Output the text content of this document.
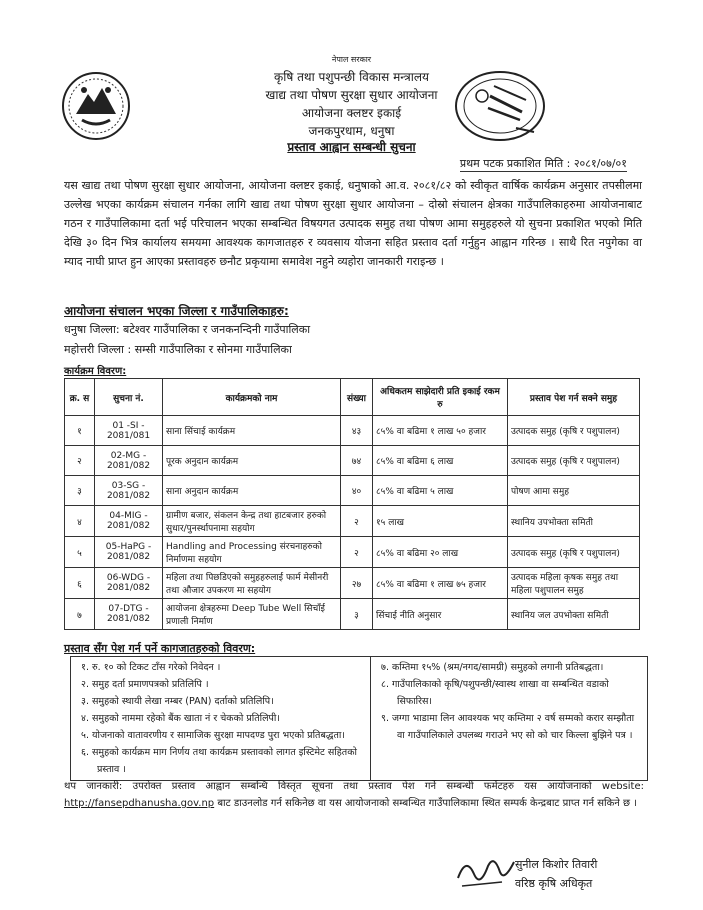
नेपाल सरकार
कृषि तथा पशुपन्छी विकास मन्त्रालय
खाद्य तथा पोषण सुरक्षा सुधार आयोजना
आयोजना क्लष्टर इकाई
जनकपुरधाम, धनुषा
प्रस्ताव आह्वान सम्बन्धी सुचना
प्रथम पटक प्रकाशित मिति : २०८१/०७/०१
यस खाद्य तथा पोषण सुरक्षा सुधार आयोजना, आयोजना क्लष्टर इकाई, धनुषाको आ.व. २०८१/८२ को स्वीकृत वार्षिक कार्यक्रम अनुसार तपसीलमा उल्लेख भएका कार्यक्रम संचालन गर्नका लागि खाद्य तथा पोषण सुरक्षा सुधार आयोजना – दोस्रो संचालन क्षेत्रका गाउँपालिकाहरुमा आयोजनाबाट गठन र गाउँपालिकामा दर्ता भई परिचालन भएका सम्बन्धित विषयगत उत्पादक समुह तथा पोषण आमा समुहहरुले यो सुचना प्रकाशित भएको मिति देखि ३० दिन भित्र कार्यालय समयमा आवश्यक कागजातहरु र व्यवसाय योजना सहित प्रस्ताव दर्ता गर्नुहुन आह्वान गरिन्छ । साथै रित नपुगेका वा म्याद नाघी प्राप्त हुन आएका प्रस्तावहरु छनौट प्रकृयामा समावेश नहुने व्यहोरा जानकारी गराइन्छ ।
आयोजना संचालन भएका जिल्ला र गाउँपालिकाहरु:
धनुषा जिल्ला: बटेश्वर गाउँपालिका र जनकनन्दिनी गाउँपालिका
महोत्तरी जिल्ला : सम्सी गाउँपालिका र सोनमा गाउँपालिका
कार्यक्रम विवरण:
क्र. स	सुचना नं.	कार्यक्रमको नाम	संख्या	अधिकतम साझेदारी प्रति इकाई रकम रु	प्रस्ताव पेश गर्न सक्ने समुह
१	01 -SI - 2081/081	साना सिंचाई कार्यक्रम	४३	८५% वा बढिमा १ लाख ५० हजार	उत्पादक समुह (कृषि र पशुपालन)
२	02-MG - 2081/082	पूरक अनुदान कार्यक्रम	७४	८५% वा बढिमा ६ लाख	उत्पादक समुह (कृषि र पशुपालन)
३	03-SG - 2081/082	साना अनुदान कार्यक्रम	४०	८५% वा बढिमा ५ लाख	पोषण आमा समुह
४	04-MIG - 2081/082	ग्रामीण बजार, संकलन केन्द्र तथा हाटबजार हरुको सुधार/पुनर्स्थापनामा सहयोग	२	१५ लाख	स्थानिय उपभोक्ता समिती
५	05-HaPG - 2081/082	Handling and Processing संरचनाहरुको निर्माणमा सहयोग	२	८५% वा बढिमा २० लाख	उत्पादक समुह (कृषि र पशुपालन)
६	06-WDG - 2081/082	महिला तथा पिछडिएको समुहहरुलाई फार्म मेसीनरी तथा औजार उपकरण मा सहयोग	२७	८५% वा बढिमा १ लाख ७५ हजार	उत्पादक महिला कृषक समुह तथा महिला पशुपालन समुह
७	07-DTG - 2081/082	आयोजना क्षेत्रहरुमा Deep Tube Well सिचाँई प्रणाली निर्माण	३	सिंचाई नीति अनुसार	स्थानिय जल उपभोक्ता समिती
प्रस्ताव सँग पेश गर्न पर्ने कागजातहरुको विवरण:
१. रु. १० को टिकट टाँस गरेको निवेदन ।
२. समुह दर्ता प्रमाणपत्रको प्रतिलिपि ।
३. समुहको स्थायी लेखा नम्बर (PAN) दर्ताको प्रतिलिपि।
४. समुहको नाममा रहेको बैंक खाता नं र चेकको प्रतिलिपी।
५. योजनाको वातावरणीय र सामाजिक सुरक्षा मापदण्ड पुरा भएको प्रतिबद्धता।
६. समुहको कार्यक्रम माग निर्णय तथा कार्यक्रम प्रस्तावको लागत इस्टिमेट सहितको प्रस्ताव ।

७. कम्तिमा १५% (श्रम/नगद/सामग्री) समुहको लगानी प्रतिबद्धता।
८. गाउँपालिकाको कृषि/पशुपन्छी/स्वास्थ शाखा वा सम्बन्धित वडाको सिफारिस।
९. जग्गा भाडामा लिन आवश्यक भए कम्तिमा २ वर्ष सम्मको करार सम्झौता वा गाउँपालिकाले उपलब्ध गराउने भए सो को चार किल्ला बुझिने पत्र ।
थप जानकारी: उपरोक्त प्रस्ताव आह्वान सम्बन्धि विस्तृत सूचना तथा प्रस्ताव पेश गर्ने सम्बन्धी फर्मेटहरु यस आयोजनाको website: http://fansepdhanusha.gov.np बाट डाउनलोड गर्न सकिनेछ वा यस आयोजनाको सम्बन्धित गाउँपालिकामा स्थित सम्पर्क केन्द्रबाट प्राप्त गर्न सकिने छ ।
सुनील किशोर तिवारी
वरिष्ठ कृषि अधिकृत
